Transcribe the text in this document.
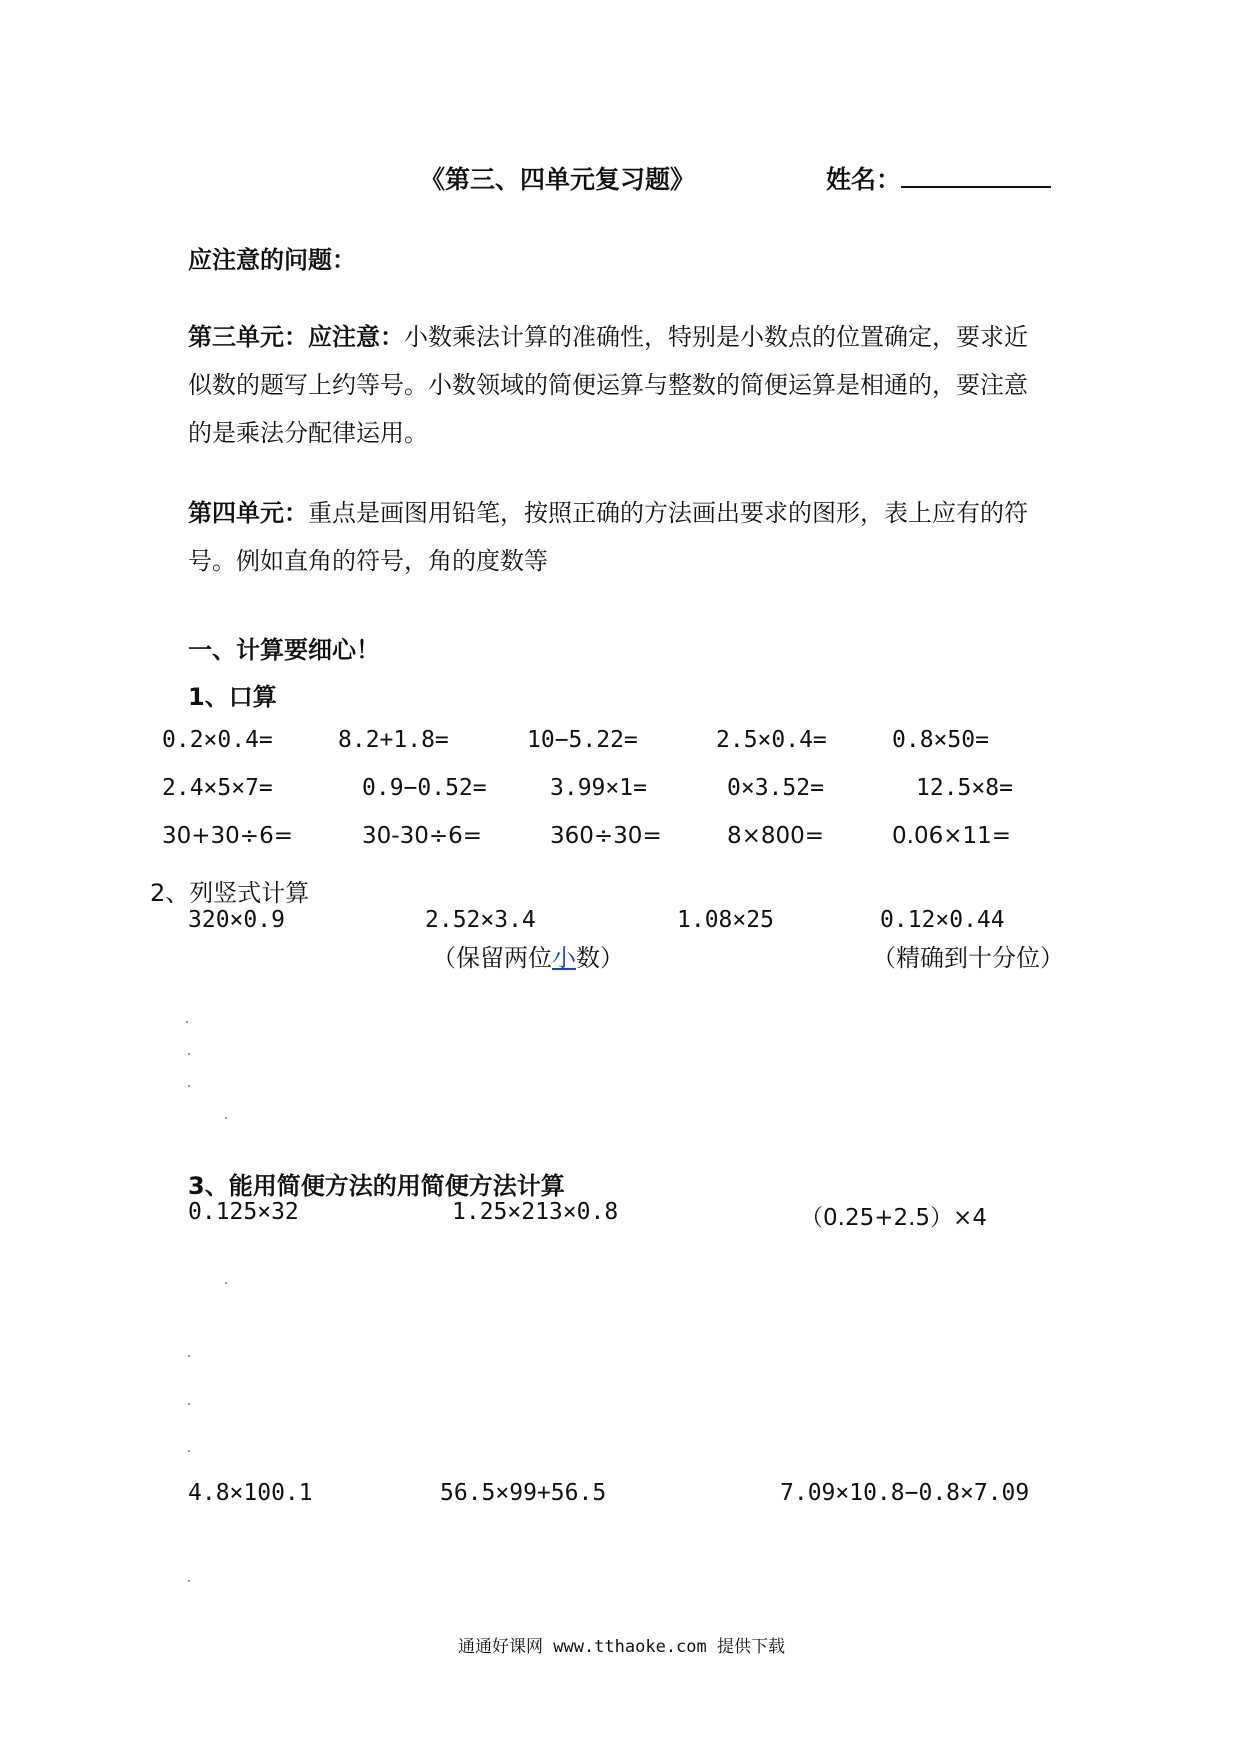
《第三、四单元复习题》	姓名：
应注意的问题：
第三单元：应注意：小数乘法计算的准确性，特别是小数点的位置确定，要求近
似数的题写上约等号。小数领域的简便运算与整数的简便运算是相通的，要注意
的是乘法分配律运用。
第四单元：重点是画图用铅笔，按照正确的方法画出要求的图形，表上应有的符
号。例如直角的符号，角的度数等
一、计算要细心！
1、口算
0.2×0.4=	8.2+1.8=	10−5.22=	2.5×0.4=	0.8×50=
2.4×5×7=	0.9−0.52=	3.99×1=	0×3.52=	12.5×8=
30+30÷6=	30-30÷6=	360÷30=	8×800=	0.06×11=
2、列竖式计算
320×0.9	2.52×3.4	1.08×25	0.12×0.44
（保留两位小数）	（精确到十分位）
3、能用简便方法的用简便方法计算
0.125×32	1.25×213×0.8	（0.25+2.5）×4
4.8×100.1	56.5×99+56.5	7.09×10.8−0.8×7.09
通通好课网 www.tthaoke.com 提供下载
